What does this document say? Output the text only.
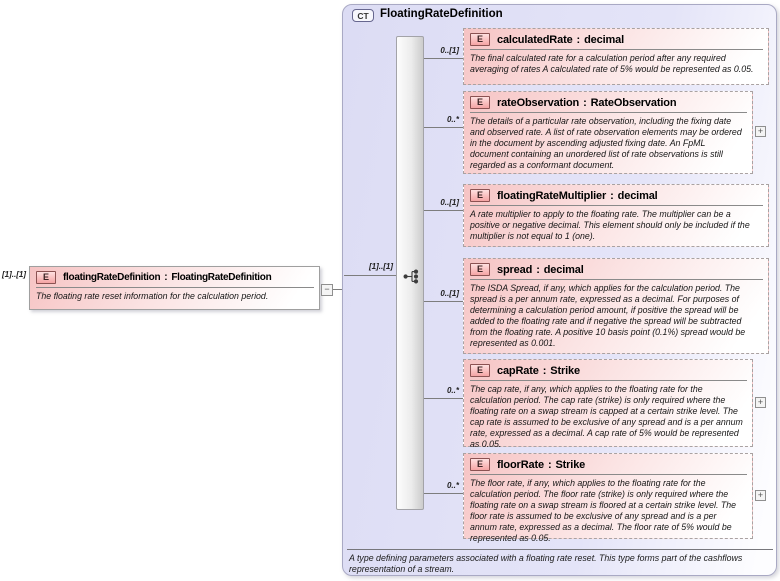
[1]..[1]	E	floatingRateDefinition : FloatingRateDefinition
The floating rate reset information for the calculation period.
−
CT FloatingRateDefinition
[1]..[1]
0..[1]
E	calculatedRate : decimal
The final calculated rate for a calculation period after any required averaging of rates A calculated rate of 5% would be represented as 0.05.
0..*
E	rateObservation : RateObservation
The details of a particular rate observation, including the fixing date and observed rate. A list of rate observation elements may be ordered in the document by ascending adjusted fixing date. An FpML document containing an unordered list of rate observations is still regarded as a conformant document.
+
0..[1]
E	floatingRateMultiplier : decimal
A rate multiplier to apply to the floating rate. The multiplier can be a positive or negative decimal. This element should only be included if the multiplier is not equal to 1 (one).
0..[1]
E	spread : decimal
The ISDA Spread, if any, which applies for the calculation period. The spread is a per annum rate, expressed as a decimal. For purposes of determining a calculation period amount, if positive the spread will be added to the floating rate and if negative the spread will be subtracted from the floating rate. A positive 10 basis point (0.1%) spread would be represented as 0.001.
0..*
E	capRate : Strike
The cap rate, if any, which applies to the floating rate for the calculation period. The cap rate (strike) is only required where the floating rate on a swap stream is capped at a certain strike level. The cap rate is assumed to be exclusive of any spread and is a per annum rate, expressed as a decimal. A cap rate of 5% would be represented as 0.05.
+
0..*
E	floorRate : Strike
The floor rate, if any, which applies to the floating rate for the calculation period. The floor rate (strike) is only required where the floating rate on a swap stream is floored at a certain strike level. The floor rate is assumed to be exclusive of any spread and is a per annum rate, expressed as a decimal. The floor rate of 5% would be represented as 0.05.
+
A type defining parameters associated with a floating rate reset. This type forms part of the cashflows representation of a stream.
